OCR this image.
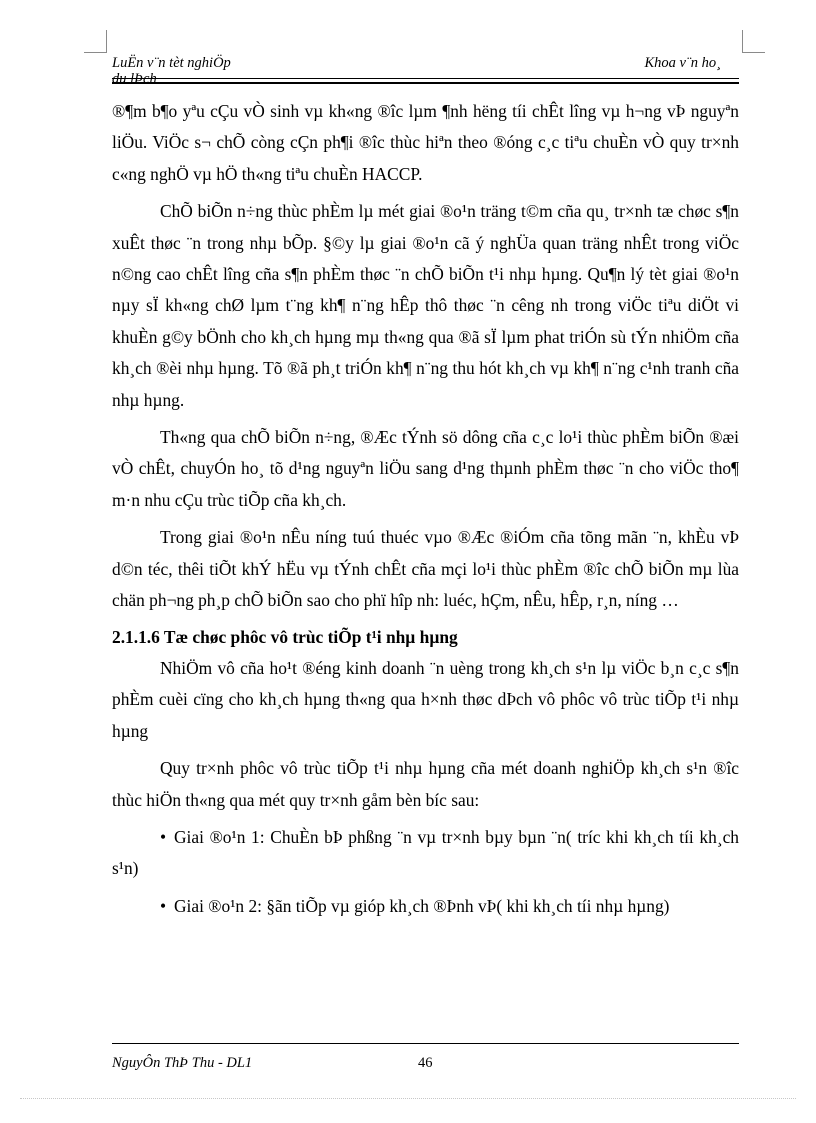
LuËn v¨n tèt nghiÖp
du lÞch
Khoa v¨n ho¸

®¶m b¶o yªu cÇu vÒ sinh vµ kh«ng ®îc lµm ¶nh hëng tíi chÊt lîng vµ h¬ng vÞ nguyªn liÖu. ViÖc s¬ chÕ còng cÇn ph¶i ®îc thùc hiªn theo ®óng c¸c tiªu chuÈn vÒ quy tr×nh c«ng nghÖ vµ hÖ th«ng tiªu chuÈn HACCP.

ChÕ biÕn n÷ng thùc phÈm lµ mét giai ®o¹n träng t©m cña qu¸ tr×nh tæ chøc s¶n xuÊt thøc ¨n trong nhµ bÕp. §©y lµ giai ®o¹n cã ý nghÜa quan träng nhÊt trong viÖc n©ng cao chÊt lîng cña s¶n phÈm thøc ¨n chÕ biÕn t¹i nhµ hµng. Qu¶n lý tèt giai ®o¹n nµy sÏ kh«ng chØ lµm t¨ng kh¶ n¨ng hÊp thô thøc ¨n cêng nh trong viÖc tiªu diÖt vi khuÈn g©y bÖnh cho kh¸ch hµng mµ th«ng qua ®ã sÏ lµm phat triÓn sù tÝn nhiÖm cña kh¸ch ®èi nhµ hµng. Tõ ®ã ph¸t triÓn kh¶ n¨ng thu hót kh¸ch vµ kh¶ n¨ng c¹nh tranh cña nhµ hµng.

Th«ng qua chÕ biÕn n÷ng, ®Æc tÝnh sö dông cña c¸c lo¹i thùc phÈm biÕn ®æi vÒ chÊt, chuyÓn ho¸ tõ d¹ng nguyªn liÖu sang d¹ng thµnh phÈm thøc ¨n cho viÖc tho¶ m·n nhu cÇu trùc tiÕp cña kh¸ch.

Trong giai ®o¹n nÊu níng tuú thuéc vµo ®Æc ®iÓm cña tõng mãn ¨n, khÈu vÞ d©n téc, thêi tiÕt khÝ hËu vµ tÝnh chÊt cña mçi lo¹i thùc phÈm ®îc chÕ biÕn mµ lùa chän ph¬ng ph¸p chÕ biÕn sao cho phï hîp nh: luéc, hÇm, nÊu, hÊp, r¸n, níng …

2.1.1.6 Tæ chøc phôc vô trùc tiÕp t¹i nhµ hµng

NhiÖm vô cña ho¹t ®éng kinh doanh ¨n uèng trong kh¸ch s¹n lµ viÖc b¸n c¸c s¶n phÈm cuèi cïng cho kh¸ch hµng th«ng qua h×nh thøc dÞch vô phôc vô trùc tiÕp t¹i nhµ hµng

Quy tr×nh phôc vô trùc tiÕp t¹i nhµ hµng cña mét doanh nghiÖp kh¸ch s¹n ®îc thùc hiÖn th«ng qua mét quy tr×nh gåm bèn bíc sau:

• Giai ®o¹n 1: ChuÈn bÞ phßng ¨n vµ tr×nh bµy bµn ¨n( tríc khi kh¸ch tíi kh¸ch s¹n)

• Giai ®o¹n 2: §ãn tiÕp vµ gióp kh¸ch ®Þnh vÞ( khi kh¸ch tíi nhµ hµng)

NguyÔn ThÞ Thu - DL1	46
